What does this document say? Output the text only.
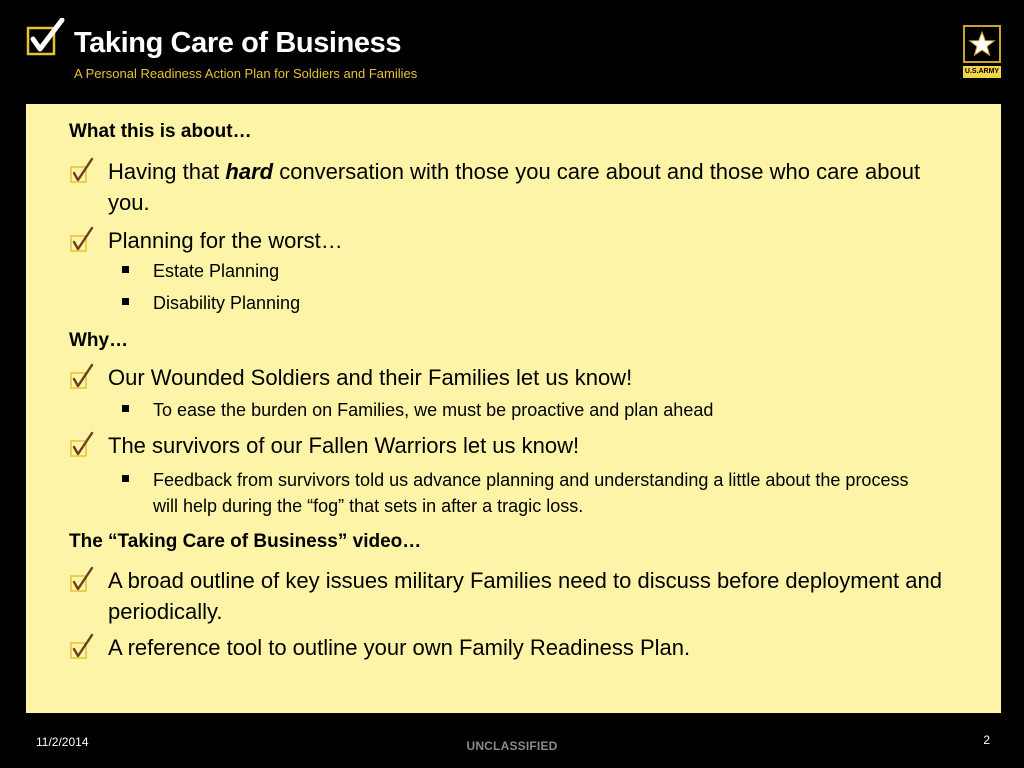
Taking Care of Business
A Personal Readiness Action Plan for Soldiers and Families	U.S.ARMY
What this is about…
Having that hard conversation with those you care about and those who care about you.
Planning for the worst…
Estate Planning
Disability Planning
Why…
Our Wounded Soldiers and their Families let us know!
To ease the burden on Families, we must be proactive and plan ahead
The survivors of our Fallen Warriors let us know!
Feedback from survivors told us advance planning and understanding a little about the process will help during the “fog” that sets in after a tragic loss.
The “Taking Care of Business” video…
A broad outline of key issues military Families need to discuss before deployment and periodically.
A reference tool to outline your own Family Readiness Plan.
11/2/2014	UNCLASSIFIED	2
